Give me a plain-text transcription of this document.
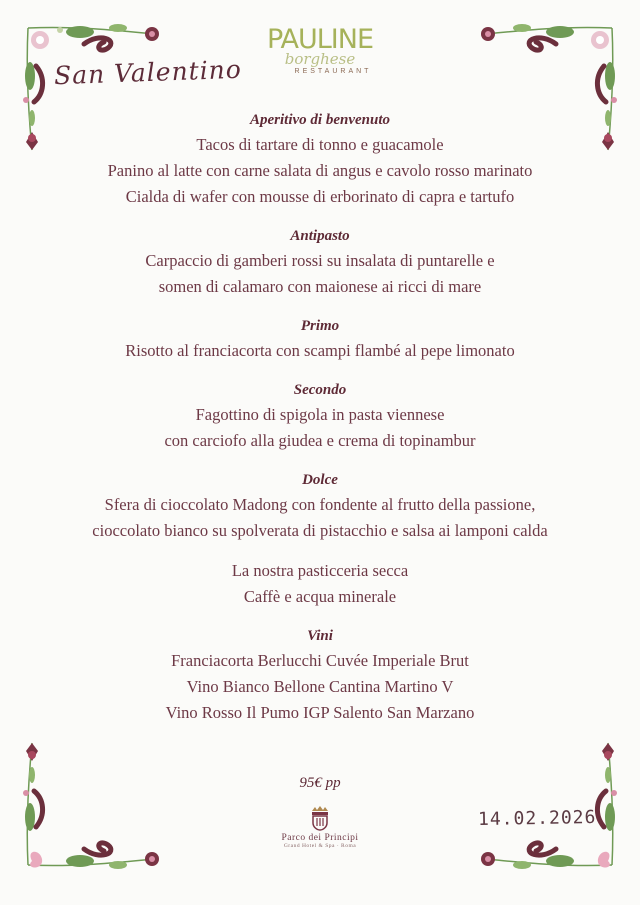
PAULINE
borghese
RESTAURANT
San Valentino
Aperitivo di benvenuto
Tacos di tartare di tonno e guacamole
Panino al latte con carne salata di angus e cavolo rosso marinato
Cialda di wafer con mousse di erborinato di capra e tartufo
Antipasto
Carpaccio di gamberi rossi su insalata di puntarelle e
somen di calamaro con maionese ai ricci di mare
Primo
Risotto al franciacorta con scampi flambé al pepe limonato
Secondo
Fagottino di spigola in pasta viennese
con carciofo alla giudea e crema di topinambur
Dolce
Sfera di cioccolato Madong con fondente al frutto della passione,
cioccolato bianco su spolverata di pistacchio e salsa ai lamponi calda
La nostra pasticceria secca
Caffè e acqua minerale
Vini
Franciacorta Berlucchi Cuvée Imperiale Brut
Vino Bianco Bellone Cantina Martino V
Vino Rosso Il Pumo IGP Salento San Marzano
95€ pp
Parco dei Principi
Grand Hotel & Spa · Roma
14.02.2026
